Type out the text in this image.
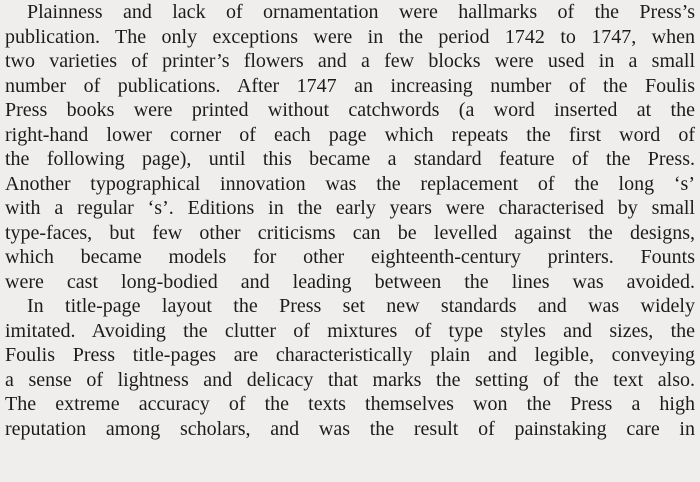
Plainness and lack of ornamentation were hallmarks of the Press’s
publication. The only exceptions were in the period 1742 to 1747, when
two varieties of printer’s flowers and a few blocks were used in a small
number of publications. After 1747 an increasing number of the Foulis
Press books were printed without catchwords (a word inserted at the
right-hand lower corner of each page which repeats the first word of
the following page), until this became a standard feature of the Press.
Another typographical innovation was the replacement of the long ‘s’
with a regular ‘s’. Editions in the early years were characterised by small
type-faces, but few other criticisms can be levelled against the designs,
which became models for other eighteenth-century printers. Founts
were cast long-bodied and leading between the lines was avoided.

In title-page layout the Press set new standards and was widely
imitated. Avoiding the clutter of mixtures of type styles and sizes, the
Foulis Press title-pages are characteristically plain and legible, conveying
a sense of lightness and delicacy that marks the setting of the text also.
The extreme accuracy of the texts themselves won the Press a high
reputation among scholars, and was the result of painstaking care in
